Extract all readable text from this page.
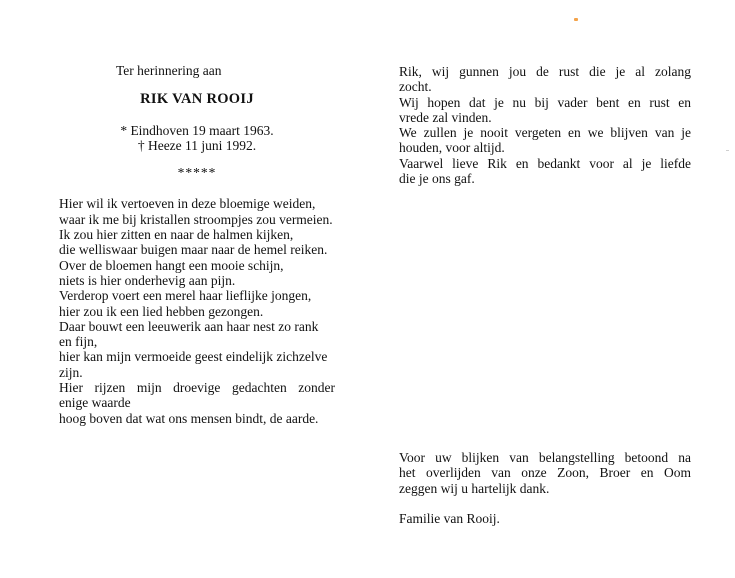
Ter herinnering aan
RIK VAN ROOIJ
* Eindhoven 19 maart 1963.
† Heeze 11 juni 1992.
*****
Hier wil ik vertoeven in deze bloemige weiden,
waar ik me bij kristallen stroompjes zou vermeien.
Ik zou hier zitten en naar de halmen kijken,
die welliswaar buigen maar naar de hemel reiken.
Over de bloemen hangt een mooie schijn,
niets is hier onderhevig aan pijn.
Verderop voert een merel haar lieflijke jongen,
hier zou ik een lied hebben gezongen.
Daar bouwt een leeuwerik aan haar nest zo rank
en fijn,
hier kan mijn vermoeide geest eindelijk zichzelve
zijn.
Hier rijzen mijn droevige gedachten zonder
enige waarde
hoog boven dat wat ons mensen bindt, de aarde.
Rik, wij gunnen jou de rust die je al zolang
zocht.
Wij hopen dat je nu bij vader bent en rust en
vrede zal vinden.
We zullen je nooit vergeten en we blijven van je
houden, voor altijd.
Vaarwel lieve Rik en bedankt voor al je liefde
die je ons gaf.
Voor uw blijken van belangstelling betoond na
het overlijden van onze Zoon, Broer en Oom
zeggen wij u hartelijk dank.
Familie van Rooij.
